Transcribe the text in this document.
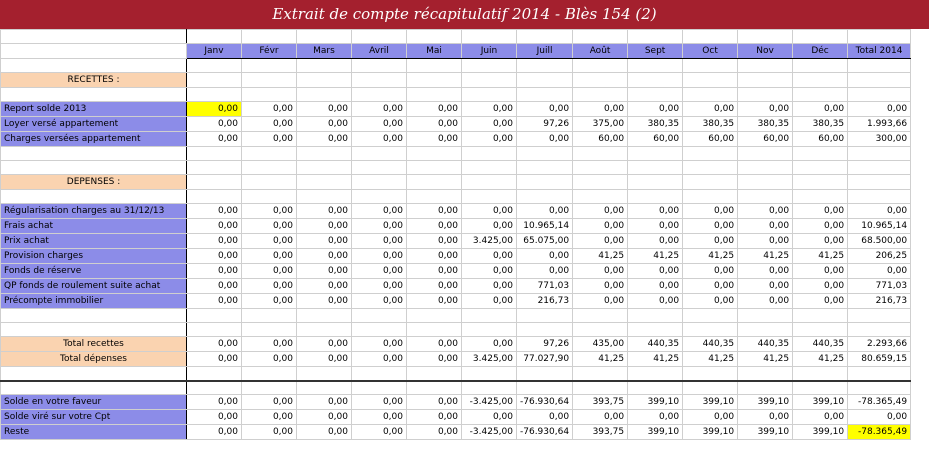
Extrait de compte récapitulatif 2014 - Blès 154 (2)

	Janv	Févr	Mars	Avril	Mai	Juin	Juill	Août	Sept	Oct	Nov	Déc	Total 2014

RECETTES :													

Report solde 2013	0,00	0,00	0,00	0,00	0,00	0,00	0,00	0,00	0,00	0,00	0,00	0,00	0,00
Loyer versé appartement	0,00	0,00	0,00	0,00	0,00	0,00	97,26	375,00	380,35	380,35	380,35	380,35	1.993,66
Charges versées appartement	0,00	0,00	0,00	0,00	0,00	0,00	0,00	60,00	60,00	60,00	60,00	60,00	300,00

DEPENSES :													

Régularisation charges au 31/12/13	0,00	0,00	0,00	0,00	0,00	0,00	0,00	0,00	0,00	0,00	0,00	0,00	0,00
Frais achat	0,00	0,00	0,00	0,00	0,00	0,00	10.965,14	0,00	0,00	0,00	0,00	0,00	10.965,14
Prix achat	0,00	0,00	0,00	0,00	0,00	3.425,00	65.075,00	0,00	0,00	0,00	0,00	0,00	68.500,00
Provision charges	0,00	0,00	0,00	0,00	0,00	0,00	0,00	41,25	41,25	41,25	41,25	41,25	206,25
Fonds de réserve	0,00	0,00	0,00	0,00	0,00	0,00	0,00	0,00	0,00	0,00	0,00	0,00	0,00
QP fonds de roulement suite achat	0,00	0,00	0,00	0,00	0,00	0,00	771,03	0,00	0,00	0,00	0,00	0,00	771,03
Précompte immobilier	0,00	0,00	0,00	0,00	0,00	0,00	216,73	0,00	0,00	0,00	0,00	0,00	216,73

Total recettes	0,00	0,00	0,00	0,00	0,00	0,00	97,26	435,00	440,35	440,35	440,35	440,35	2.293,66
Total dépenses	0,00	0,00	0,00	0,00	0,00	3.425,00	77.027,90	41,25	41,25	41,25	41,25	41,25	80.659,15

Solde en votre faveur	0,00	0,00	0,00	0,00	0,00	-3.425,00	-76.930,64	393,75	399,10	399,10	399,10	399,10	-78.365,49
Solde viré sur votre Cpt	0,00	0,00	0,00	0,00	0,00	0,00	0,00	0,00	0,00	0,00	0,00	0,00	0,00
Reste	0,00	0,00	0,00	0,00	0,00	-3.425,00	-76.930,64	393,75	399,10	399,10	399,10	399,10	-78.365,49
